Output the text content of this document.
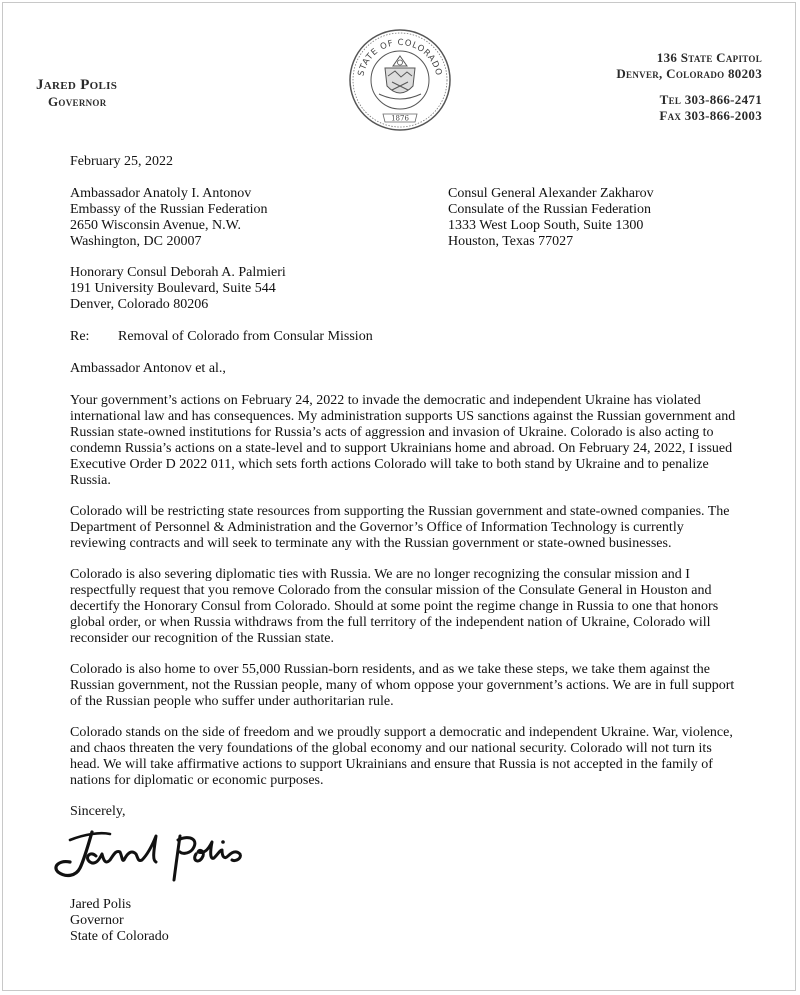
Jared Polis
Governor
STATE OF COLORADO
1876
136 State Capitol
Denver, Colorado 80203
Tel 303-866-2471
Fax 303-866-2003
February 25, 2022
Ambassador Anatoly I. Antonov
Embassy of the Russian Federation
2650 Wisconsin Avenue, N.W.
Washington, DC 20007
Consul General Alexander Zakharov
Consulate of the Russian Federation
1333 West Loop South, Suite 1300
Houston, Texas 77027
Honorary Consul Deborah A. Palmieri
191 University Boulevard, Suite 544
Denver, Colorado 80206
Re: Removal of Colorado from Consular Mission
Ambassador Antonov et al.,
Your government’s actions on February 24, 2022 to invade the democratic and independent Ukraine has violated international law and has consequences. My administration supports US sanctions against the Russian government and Russian state-owned institutions for Russia’s acts of aggression and invasion of Ukraine. Colorado is also acting to condemn Russia’s actions on a state-level and to support Ukrainians home and abroad. On February 24, 2022, I issued Executive Order D 2022 011, which sets forth actions Colorado will take to both stand by Ukraine and to penalize Russia.
Colorado will be restricting state resources from supporting the Russian government and state-owned companies. The Department of Personnel & Administration and the Governor’s Office of Information Technology is currently reviewing contracts and will seek to terminate any with the Russian government or state-owned businesses.
Colorado is also severing diplomatic ties with Russia. We are no longer recognizing the consular mission and I respectfully request that you remove Colorado from the consular mission of the Consulate General in Houston and decertify the Honorary Consul from Colorado. Should at some point the regime change in Russia to one that honors global order, or when Russia withdraws from the full territory of the independent nation of Ukraine, Colorado will reconsider our recognition of the Russian state.
Colorado is also home to over 55,000 Russian-born residents, and as we take these steps, we take them against the Russian government, not the Russian people, many of whom oppose your government’s actions. We are in full support of the Russian people who suffer under authoritarian rule.
Colorado stands on the side of freedom and we proudly support a democratic and independent Ukraine. War, violence, and chaos threaten the very foundations of the global economy and our national security. Colorado will not turn its head. We will take affirmative actions to support Ukrainians and ensure that Russia is not accepted in the family of nations for diplomatic or economic purposes.
Sincerely,
Jared Polis
Governor
State of Colorado
